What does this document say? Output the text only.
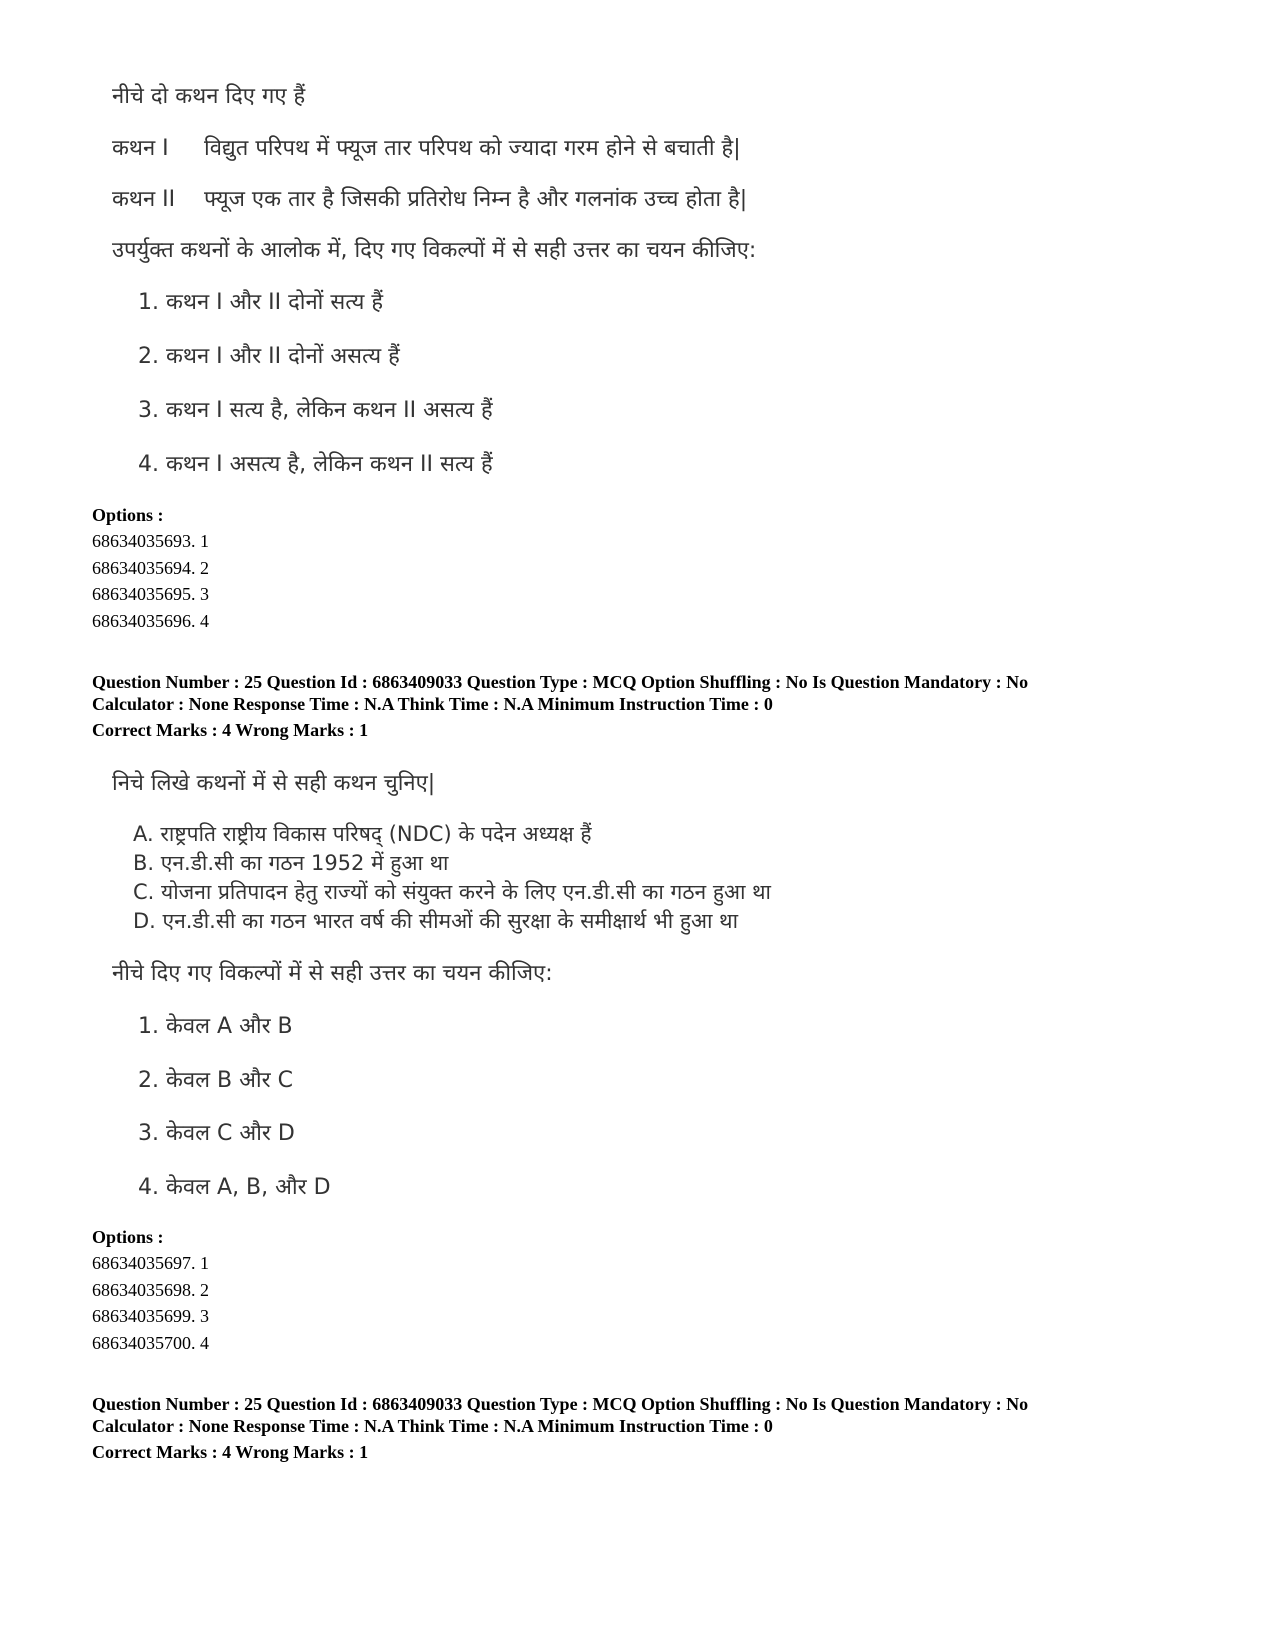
नीचे दो कथन दिए गए हैं
कथन I विद्युत परिपथ में फ्यूज तार परिपथ को ज्यादा गरम होने से बचाती है|
कथन II फ्यूज एक तार है जिसकी प्रतिरोध निम्न है और गलनांक उच्च होता है|
उपर्युक्त कथनों के आलोक में, दिए गए विकल्पों में से सही उत्तर का चयन कीजिए:
1. कथन I और II दोनों सत्य हैं
2. कथन I और II दोनों असत्य हैं
3. कथन I सत्य है, लेकिन कथन II असत्य हैं
4. कथन I असत्य है, लेकिन कथन II सत्य हैं
Options :
68634035693. 1
68634035694. 2
68634035695. 3
68634035696. 4
Question Number : 25 Question Id : 6863409033 Question Type : MCQ Option Shuffling : No Is Question Mandatory : No
Calculator : None Response Time : N.A Think Time : N.A Minimum Instruction Time : 0
Correct Marks : 4 Wrong Marks : 1
निचे लिखे कथनों में से सही कथन चुनिए|
A. राष्ट्रपति राष्ट्रीय विकास परिषद् (NDC) के पदेन अध्यक्ष हैं
B. एन.डी.सी का गठन 1952 में हुआ था
C. योजना प्रतिपादन हेतु राज्यों को संयुक्त करने के लिए एन.डी.सी का गठन हुआ था
D. एन.डी.सी का गठन भारत वर्ष की सीमओं की सुरक्षा के समीक्षार्थ भी हुआ था
नीचे दिए गए विकल्पों में से सही उत्तर का चयन कीजिए:
1. केवल A और B
2. केवल B और C
3. केवल C और D
4. केवल A, B, और D
Options :
68634035697. 1
68634035698. 2
68634035699. 3
68634035700. 4
Question Number : 25 Question Id : 6863409033 Question Type : MCQ Option Shuffling : No Is Question Mandatory : No
Calculator : None Response Time : N.A Think Time : N.A Minimum Instruction Time : 0
Correct Marks : 4 Wrong Marks : 1
